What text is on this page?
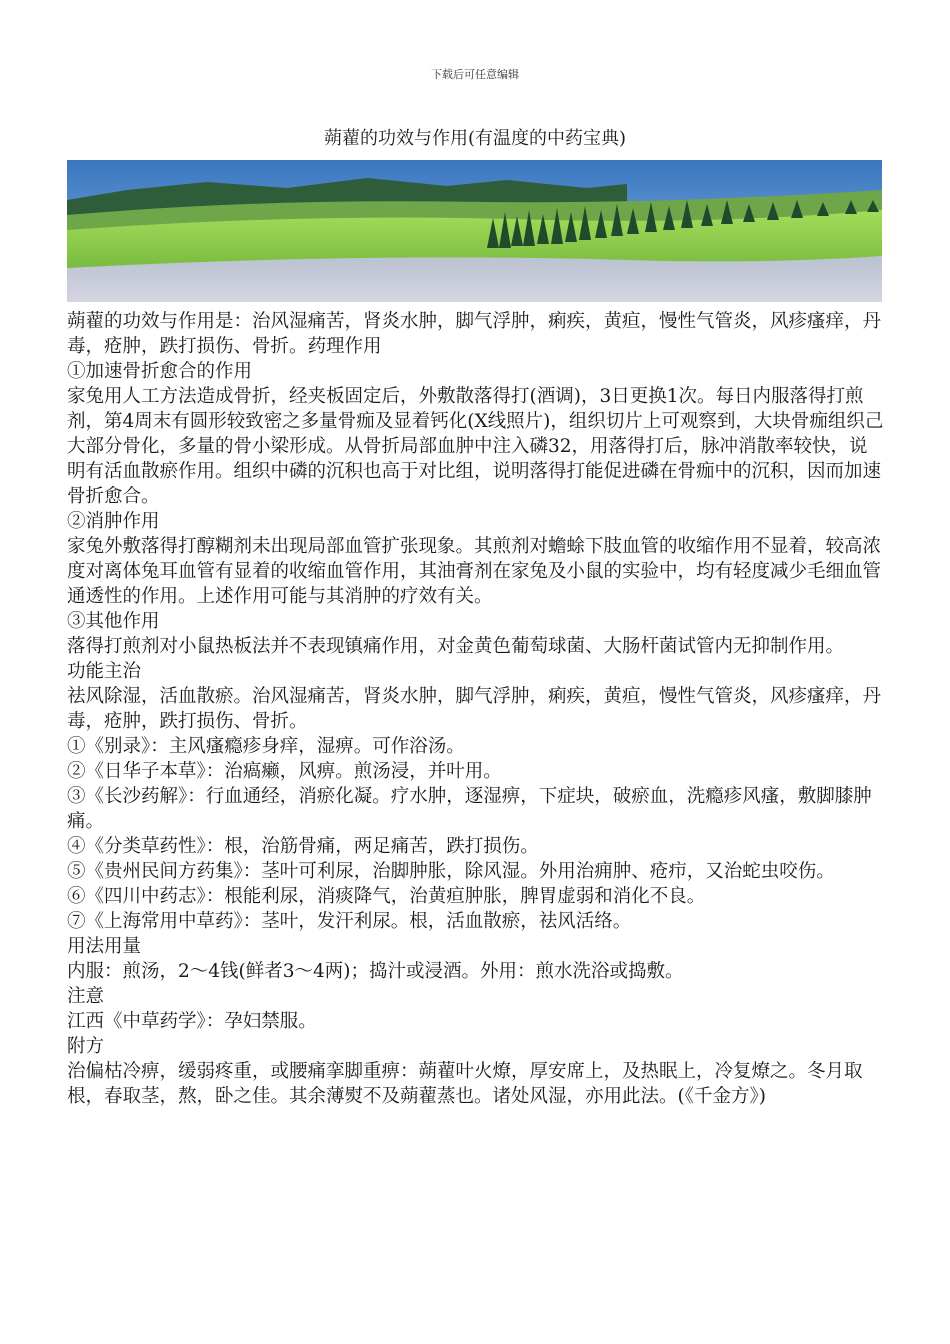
下载后可任意编辑
蒴藋的功效与作用(有温度的中药宝典)

蒴藋的功效与作用是：治风湿痛苦，肾炎水肿，脚气浮肿，痢疾，黄疸，慢性气管炎，风疹瘙痒，丹毒，疮肿，跌打损伤、骨折。药理作用

①加速骨折愈合的作用

家兔用人工方法造成骨折，经夹板固定后，外敷散落得打(酒调)，3日更换1次。每日内服落得打煎剂，第4周末有圆形较致密之多量骨痂及显着钙化(X线照片)，组织切片上可观察到，大块骨痂组织己大部分骨化，多量的骨小梁形成。从骨折局部血肿中注入磷32，用落得打后，脉冲消散率较快，说明有活血散瘀作用。组织中磷的沉积也高于对比组，说明落得打能促进磷在骨痂中的沉积，因而加速骨折愈合。

②消肿作用

家兔外敷落得打醇糊剂未出现局部血管扩张现象。其煎剂对蟾蜍下肢血管的收缩作用不显着，较高浓度对离体兔耳血管有显着的收缩血管作用，其油膏剂在家兔及小鼠的实验中，均有轻度减少毛细血管通透性的作用。上述作用可能与其消肿的疗效有关。

③其他作用

落得打煎剂对小鼠热板法并不表现镇痛作用，对金黄色葡萄球菌、大肠杆菌试管内无抑制作用。

功能主治

祛风除湿，活血散瘀。治风湿痛苦，肾炎水肿，脚气浮肿，痢疾，黄疸，慢性气管炎，风疹瘙痒，丹毒，疮肿，跌打损伤、骨折。

①《别录》：主风瘙瘾疹身痒，湿痹。可作浴汤。

②《日华子本草》：治瘑癞，风痹。煎汤浸，并叶用。

③《长沙药解》：行血通经，消瘀化凝。疗水肿，逐湿痹，下症块，破瘀血，洗瘾疹风瘙，敷脚膝肿痛。

④《分类草药性》：根，治筋骨痛，两足痛苦，跌打损伤。

⑤《贵州民间方药集》：茎叶可利尿，治脚肿胀，除风湿。外用治痈肿、疮疖，又治蛇虫咬伤。

⑥《四川中药志》：根能利尿，消痰降气，治黄疸肿胀，脾胃虚弱和消化不良。

⑦《上海常用中草药》：茎叶，发汗利尿。根，活血散瘀，祛风活络。

用法用量

内服：煎汤，2～4钱(鲜者3～4两)；捣汁或浸酒。外用：煎水洗浴或捣敷。

注意

江西《中草药学》：孕妇禁服。

附方

治偏枯冷痹，缓弱疼重，或腰痛挛脚重痹：蒴藋叶火燎，厚安席上，及热眠上，冷复燎之。冬月取根，春取茎，熬，卧之佳。其余薄熨不及蒴藋蒸也。诸处风湿，亦用此法。(《千金方》)
